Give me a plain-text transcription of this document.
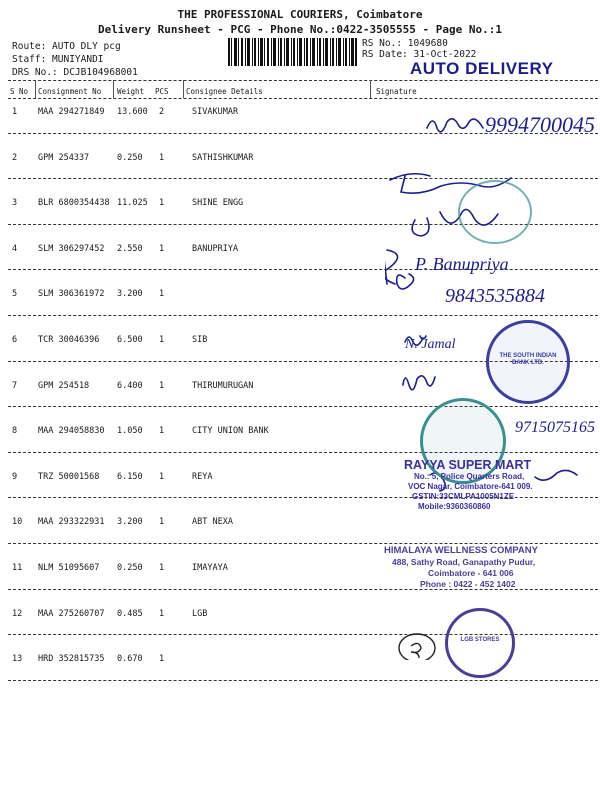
THE PROFESSIONAL COURIERS, Coimbatore
Delivery Runsheet - PCG - Phone No.:0422-3505555 - Page No.:1
Route: AUTO DLY pcg
Staff: MUNIYANDI
DRS No.: DCJB104968001
RS No.: 1049680
RS Date: 31-Oct-2022
AUTO DELIVERY
S No Consignment No Weight PCS Consignee Details	Signature
1 MAA 294271849 13.600 2	SIVAKUMAR
2 GPM 254337	0.250 1	SATHISHKUMAR
3 BLR 6800354438 11.025 1	SHINE ENGG
4 SLM 306297452 2.550 1	BANUPRIYA
5 SLM 306361972 3.200 1
6 TCR 30046396 6.500 1	SIB
7 GPM 254518	6.400 1	THIRUMURUGAN
8 MAA 294058830 1.050 1	CITY UNION BANK
9 TRZ 50001568 6.150 1	REYA
10 MAA 293322931 3.200 1	ABT NEXA
11 NLM 51095607 0.250 1	IMAYAYA
12 MAA 275260707 0.485 1	LGB
13 HRD 352815735 0.670 1
9994700045
P. Banupriya
9843535884
N. Jamal
9715075165
THE SOUTH INDIAN BANK LTD.
RAYYA SUPER MART
No.: 5, Police Quarters Road,
VOC Nagar, Coimbatore-641 009.
GSTIN:33CMLPA1005N1ZE
Mobile:9360360860
HIMALAYA WELLNESS COMPANY
488, Sathy Road, Ganapathy Pudur,
Coimbatore - 641 006
Phone : 0422 - 452 1402
LGB STORES
